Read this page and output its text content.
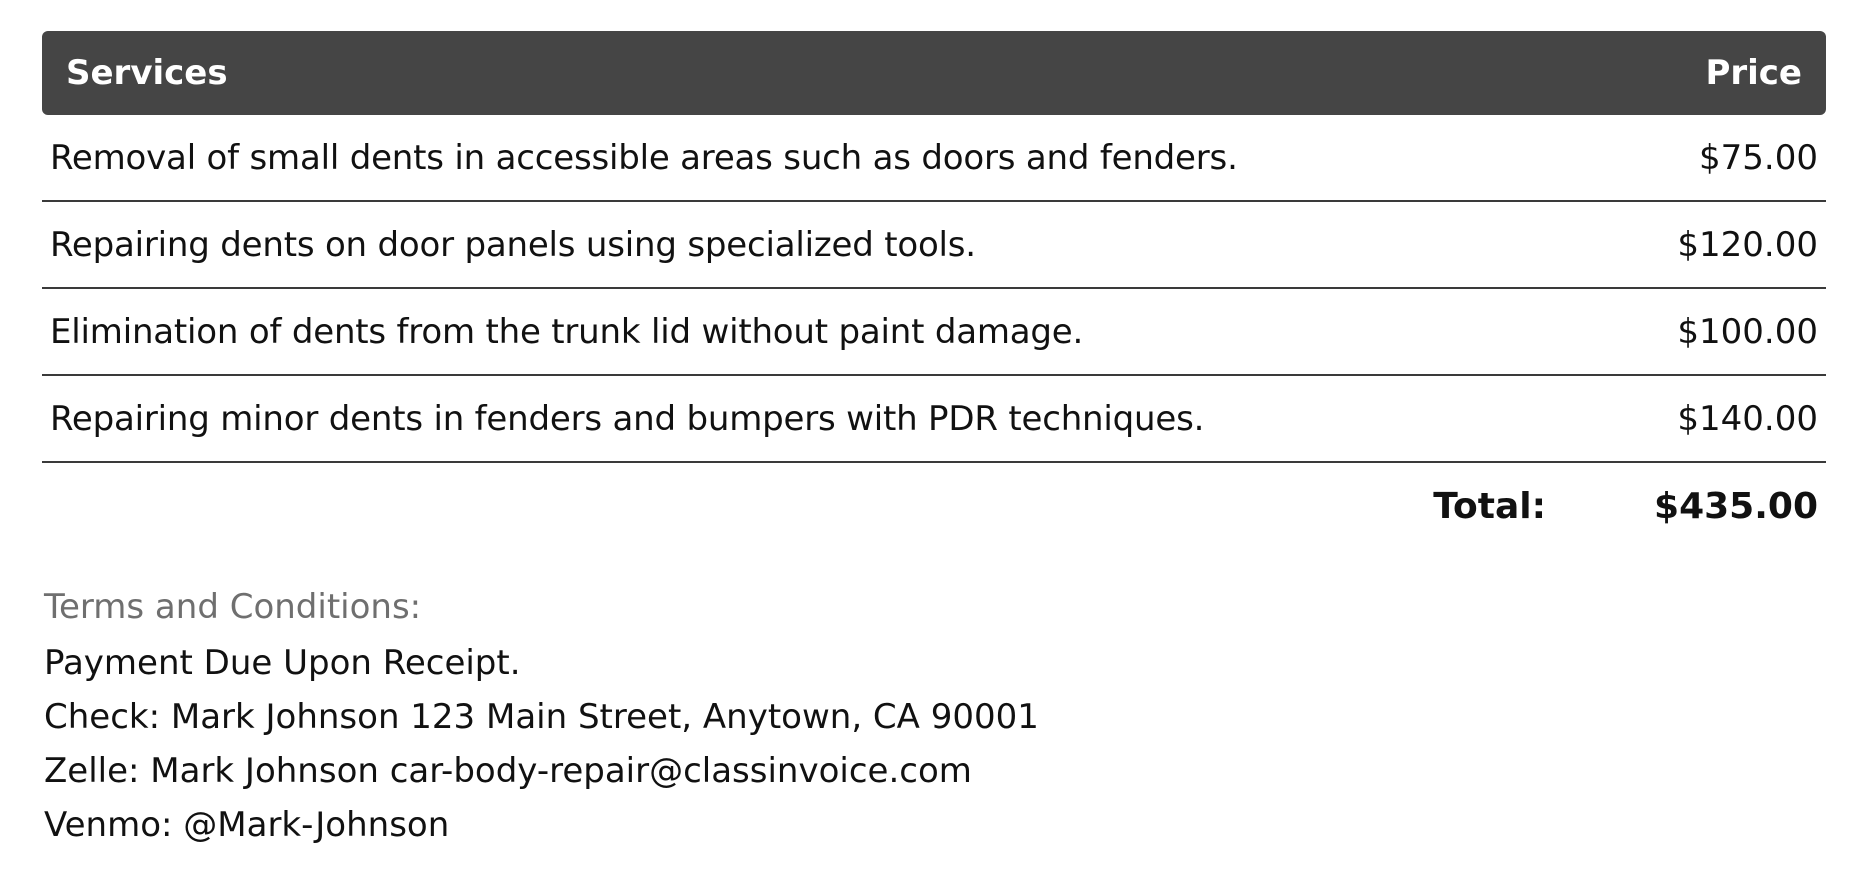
Services	Price
Removal of small dents in accessible areas such as doors and fenders.	$75.00
Repairing dents on door panels using specialized tools.	$120.00
Elimination of dents from the trunk lid without paint damage.	$100.00
Repairing minor dents in fenders and bumpers with PDR techniques.	$140.00
Total:	$435.00
Terms and Conditions:
Payment Due Upon Receipt.
Check: Mark Johnson 123 Main Street, Anytown, CA 90001
Zelle: Mark Johnson car-body-repair@classinvoice.com
Venmo: @Mark-Johnson
